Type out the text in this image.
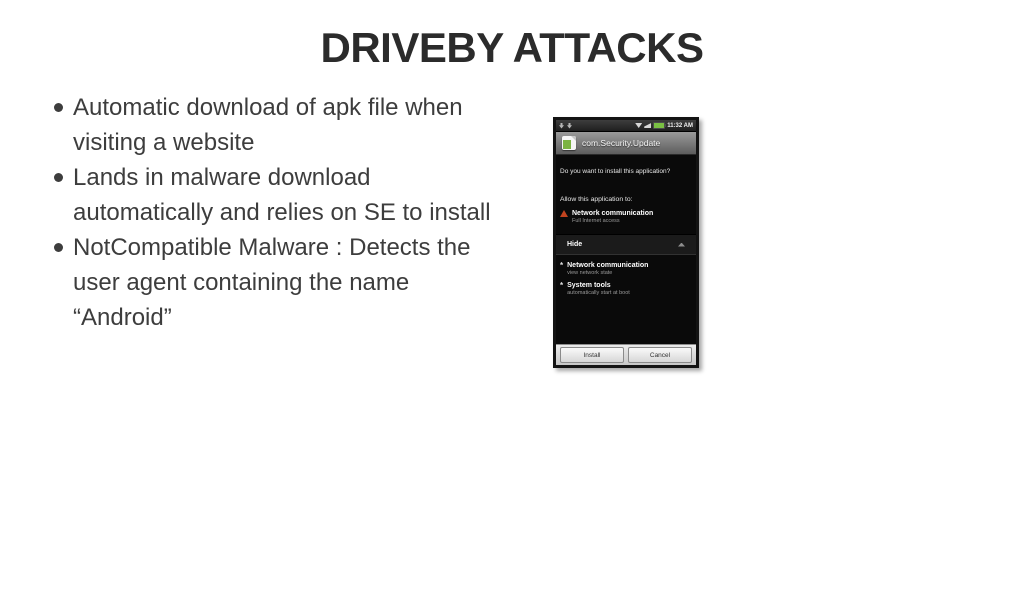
DRIVEBY ATTACKS
Automatic download of apk file when
visiting a website
Lands in malware download
automatically and relies on SE to install
NotCompatible Malware : Detects the
user agent containing the name
“Android”
11:32 AM
com.Security.Update
Do you want to install this application?
Allow this application to:
Network communication
Full Internet access
Hide
* Network communication
view network state
* System tools
automatically start at boot
Install	Cancel
